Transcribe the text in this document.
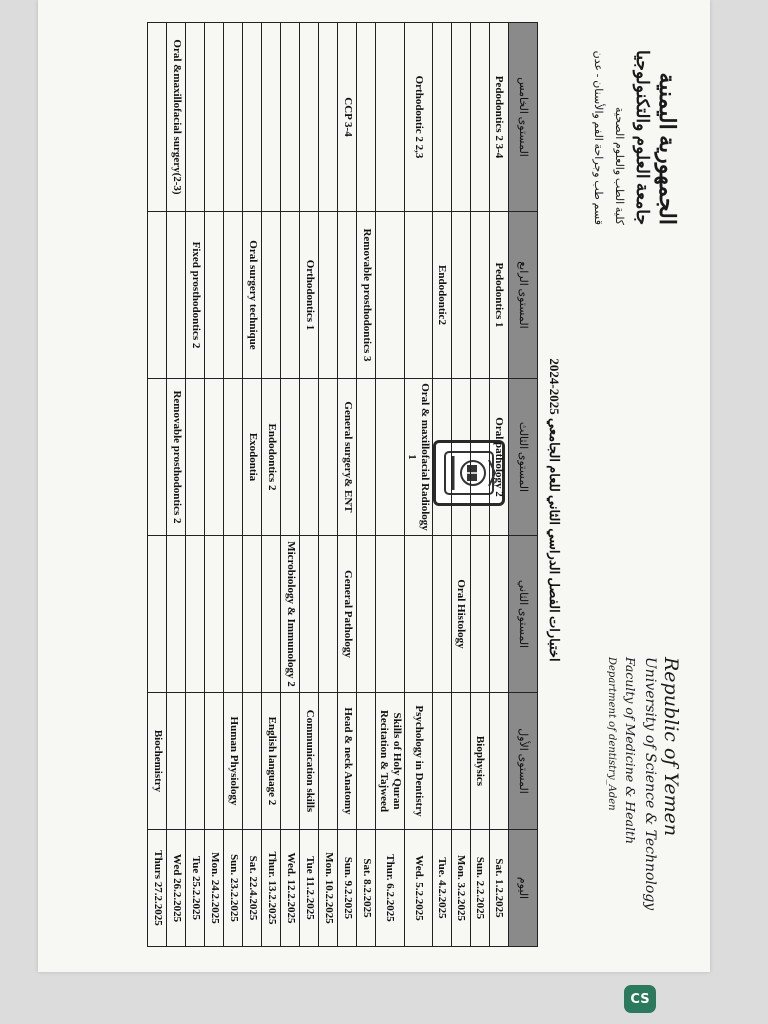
الجمهورية اليمنية
جامعة العلوم والتكنولوجيا
كلية الطب والعلوم الصحية
قسم طب وجراحة الفم والأسنان - عدن
Republic of Yemen
University of Science & Technology
Faculty of Medicine & Health
Department of dentistry_Aden
اختبارات الفصل الدراسي الثاني للعام الجامعي 2025-2024
اليوم	المستوى الأول	المستوى الثاني	المستوى الثالث	المستوى الرابع	المستوى الخامس
Sat. 1.2.2025			Oral pathology 2	Pedodontics 1	Pedodontics 2 3-4
Sun. 2.2.2025	Biophysics				
Mon. 3.2.2025		Oral Histology			
Tue. 4.2.2025				Endodontic2	
Wed. 5.2.2025	Psychology in Dentistry		Oral & maxillofacial Radiology 1		Orthodontic 2 2,3
Thur. 6.2.2025	Skills of Holy Quran Recitation & Tajweed				
Sat. 8.2.2025				Removable prosthodontics 3	
Sun. 9.2.2025	Head & neck Anatomy	General Pathology	General surgery& ENT		CCP 3-4
Mon. 10.2.2025					
Tue 11.2.2025	Communication skills			Orthodontics 1	
Wed. 12.2.2025		Microbiology & Immunology 2			
Thur. 13.2.2025	English language 2		Endodontics 2		
Sat. 22.4.2025			Exodontia	Oral surgery technique	
Sun. 23.2.2025	Human Physiology				
Mon. 24.2.2025					
Tue 25.2.2025				Fixed prosthodontics 2	
Wed 26.2.2025			Removable prosthodontics 2		Oral &maxillofacial surgery(2-3)
Thurs 27.2.2025	Biochemistry				
CS
